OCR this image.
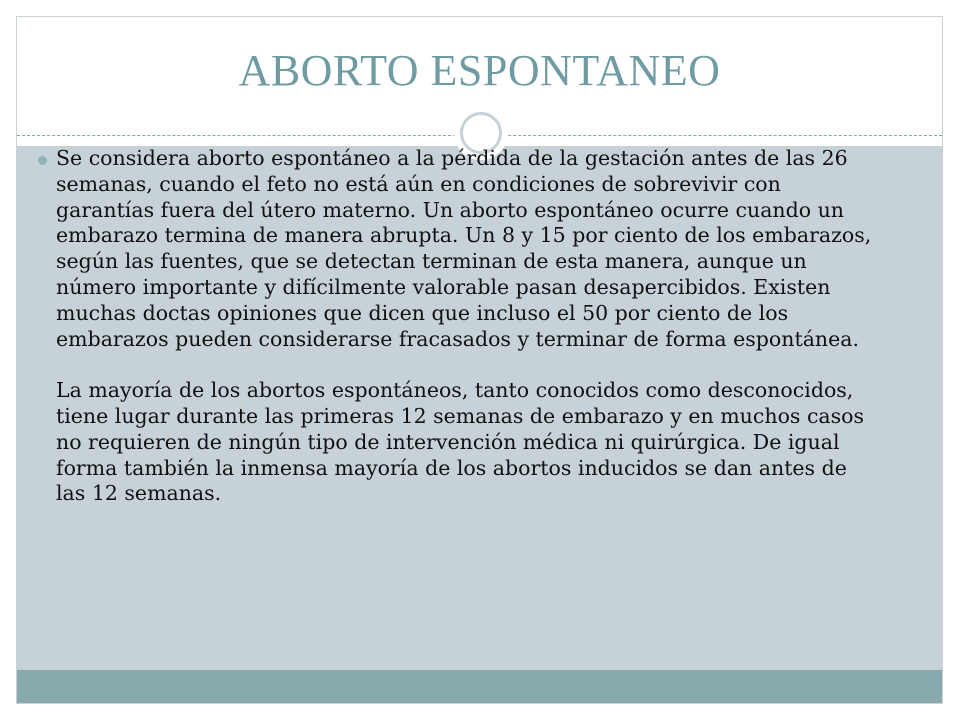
ABORTO ESPONTANEO

Se considera aborto espontáneo a la pérdida de la gestación antes de las 26 semanas, cuando el feto no está aún en condiciones de sobrevivir con garantías fuera del útero materno. Un aborto espontáneo ocurre cuando un embarazo termina de manera abrupta. Un 8 y 15 por ciento de los embarazos, según las fuentes, que se detectan terminan de esta manera, aunque un número importante y difícilmente valorable pasan desapercibidos. Existen muchas doctas opiniones que dicen que incluso el 50 por ciento de los embarazos pueden considerarse fracasados y terminar de forma espontánea.

La mayoría de los abortos espontáneos, tanto conocidos como desconocidos, tiene lugar durante las primeras 12 semanas de embarazo y en muchos casos no requieren de ningún tipo de intervención médica ni quirúrgica. De igual forma también la inmensa mayoría de los abortos inducidos se dan antes de las 12 semanas.
